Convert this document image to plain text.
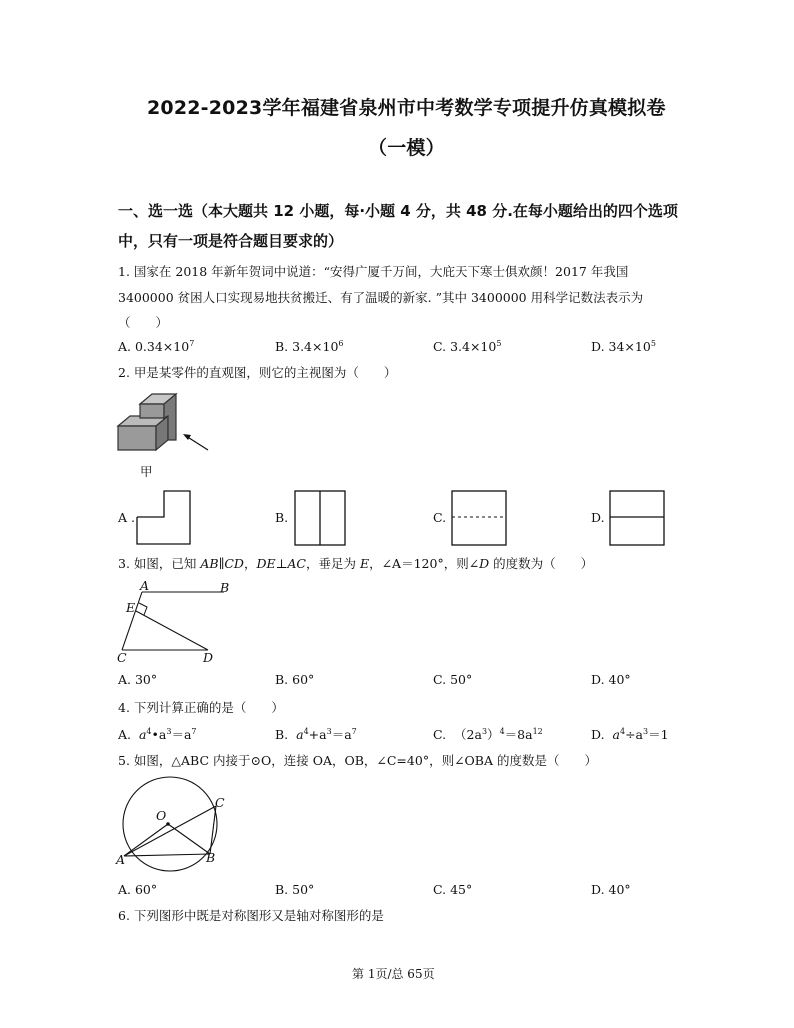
2022-2023学年福建省泉州市中考数学专项提升仿真模拟卷
（一模）
一、选一选（本大题共 12 小题，每·小题 4 分，共 48 分.在每小题给出的四个选项
中，只有一项是符合题目要求的）
1. 国家在 2018 年新年贺词中说道：“安得广厦千万间，大庇天下寒士俱欢颜！2017 年我国
3400000 贫困人口实现易地扶贫搬迁、有了温暖的新家. ”其中 3400000 用科学记数法表示为
（　　）
A. $0.34\times 10^7$	B. $3.4\times 10^6$	C. $3.4\times 10^5$	D. $34\times 10^5$
2. 甲是某零件的直观图，则它的主视图为（　　）
甲
A .	B.	C.	D.
3. 如图，已知 AB∥CD，DE⊥AC，垂足为 E，∠A＝120°，则∠D 的度数为（　　）
A	B
E
C	D
A. 30°	B. 60°	C. 50°	D. 40°
4. 下列计算正确的是（　　）
A. $a^4•a^3=a^7$	B. $a^4+a^3=a^7$	C. $(2a^3)^4=8a^{12}$	D. $a^4\div a^3=1$
5. 如图，△ABC 内接于⊙O，连接 OA，OB，∠C=40°，则∠OBA 的度数是（　　）
O
A	B
C
A. 60°	B. 50°	C. 45°	D. 40°
6. 下列图形中既是对称图形又是轴对称图形的是
第 1页/总 65页
